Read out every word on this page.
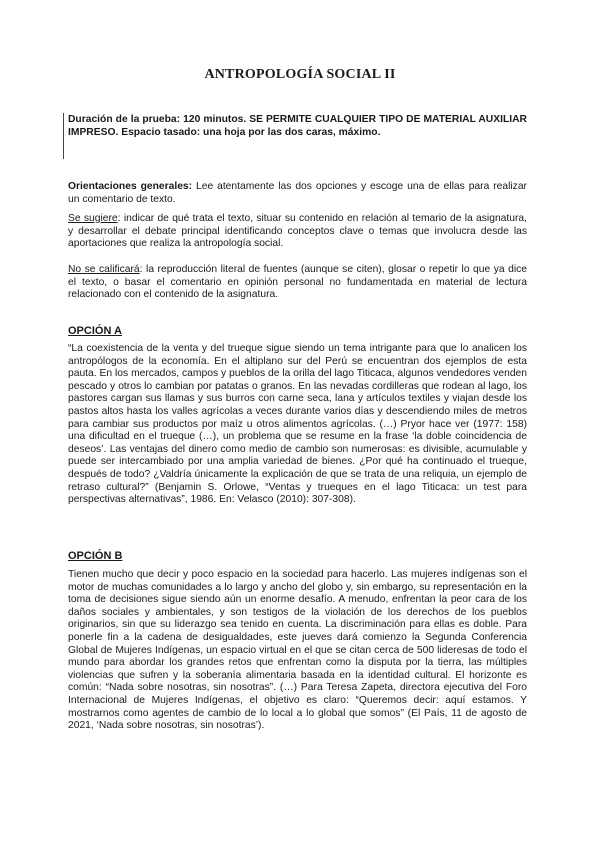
ANTROPOLOGÍA SOCIAL II

Duración de la prueba: 120 minutos. SE PERMITE CUALQUIER TIPO DE MATERIAL AUXILIAR IMPRESO. Espacio tasado: una hoja por las dos caras, máximo.

Orientaciones generales: Lee atentamente las dos opciones y escoge una de ellas para realizar un comentario de texto.

Se sugiere: indicar de qué trata el texto, situar su contenido en relación al temario de la asignatura, y desarrollar el debate principal identificando conceptos clave o temas que involucra desde las aportaciones que realiza la antropología social.

No se calificará: la reproducción literal de fuentes (aunque se citen), glosar o repetir lo que ya dice el texto, o basar el comentario en opinión personal no fundamentada en material de lectura relacionado con el contenido de la asignatura.

OPCIÓN A

“La coexistencia de la venta y del trueque sigue siendo un tema intrigante para que lo analicen los antropólogos de la economía. En el altiplano sur del Perú se encuentran dos ejemplos de esta pauta. En los mercados, campos y pueblos de la orilla del lago Titicaca, algunos vendedores venden pescado y otros lo cambian por patatas o granos. En las nevadas cordilleras que rodean al lago, los pastores cargan sus llamas y sus burros con carne seca, lana y artículos textiles y viajan desde los pastos altos hasta los valles agrícolas a veces durante varios días y descendiendo miles de metros para cambiar sus productos por maíz u otros alimentos agrícolas. (…) Pryor hace ver (1977: 158) una dificultad en el trueque (…), un problema que se resume en la frase ‘la doble coincidencia de deseos’. Las ventajas del dinero como medio de cambio son numerosas: es divisible, acumulable y puede ser intercambiado por una amplia variedad de bienes. ¿Por qué ha continuado el trueque, después de todo? ¿Valdría únicamente la explicación de que se trata de una reliquia, un ejemplo de retraso cultural?” (Benjamin S. Orlowe, “Ventas y trueques en el lago Titicaca: un test para perspectivas alternativas”, 1986. En: Velasco (2010): 307-308).

OPCIÓN B

Tienen mucho que decir y poco espacio en la sociedad para hacerlo. Las mujeres indígenas son el motor de muchas comunidades a lo largo y ancho del globo y, sin embargo, su representación en la toma de decisiones sigue siendo aún un enorme desafío. A menudo, enfrentan la peor cara de los daños sociales y ambientales, y son testigos de la violación de los derechos de los pueblos originarios, sin que su liderazgo sea tenido en cuenta. La discriminación para ellas es doble. Para ponerle fin a la cadena de desigualdades, este jueves dará comienzo la Segunda Conferencia Global de Mujeres Indígenas, un espacio virtual en el que se citan cerca de 500 lideresas de todo el mundo para abordar los grandes retos que enfrentan como la disputa por la tierra, las múltiples violencias que sufren y la soberanía alimentaria basada en la identidad cultural. El horizonte es común: “Nada sobre nosotras, sin nosotras”. (…) Para Teresa Zapeta, directora ejecutiva del Foro Internacional de Mujeres Indígenas, el objetivo es claro: “Queremos decir: aquí estamos. Y mostrarnos como agentes de cambio de lo local a lo global que somos” (El País, 11 de agosto de 2021, ‘Nada sobre nosotras, sin nosotras’).
